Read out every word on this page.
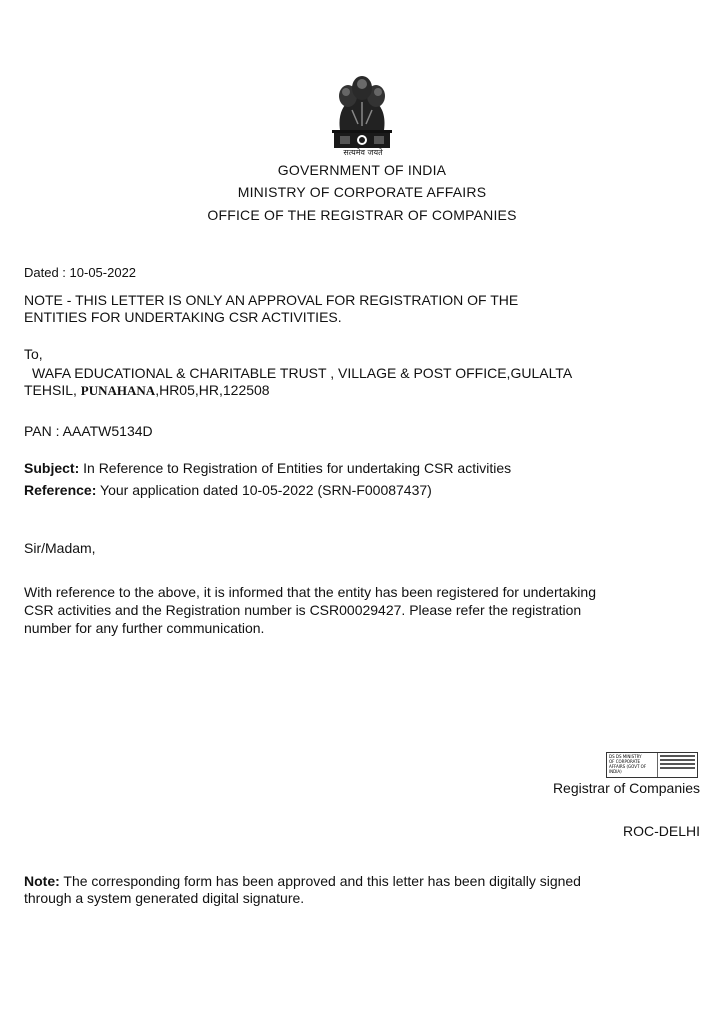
सत्यमेव जयते
GOVERNMENT OF INDIA
MINISTRY OF CORPORATE AFFAIRS
OFFICE OF THE REGISTRAR OF COMPANIES
Dated : 10-05-2022
NOTE - THIS LETTER IS ONLY AN APPROVAL FOR REGISTRATION OF THE
ENTITIES FOR UNDERTAKING CSR ACTIVITIES.
To,
WAFA EDUCATIONAL & CHARITABLE TRUST , VILLAGE & POST OFFICE,GULALTA
TEHSIL, PUNAHANA,HR05,HR,122508
PAN : AAATW5134D
Subject: In Reference to Registration of Entities for undertaking CSR activities
Reference: Your application dated 10-05-2022 (SRN-F00087437)
Sir/Madam,
With reference to the above, it is informed that the entity has been registered for undertaking
CSR activities and the Registration number is CSR00029427. Please refer the registration
number for any further communication.
DS DS MINISTRY
OF CORPORATE
AFFAIRS (GOVT OF
INDIA)
Registrar of Companies
ROC-DELHI
Note: The corresponding form has been approved and this letter has been digitally signed
through a system generated digital signature.
